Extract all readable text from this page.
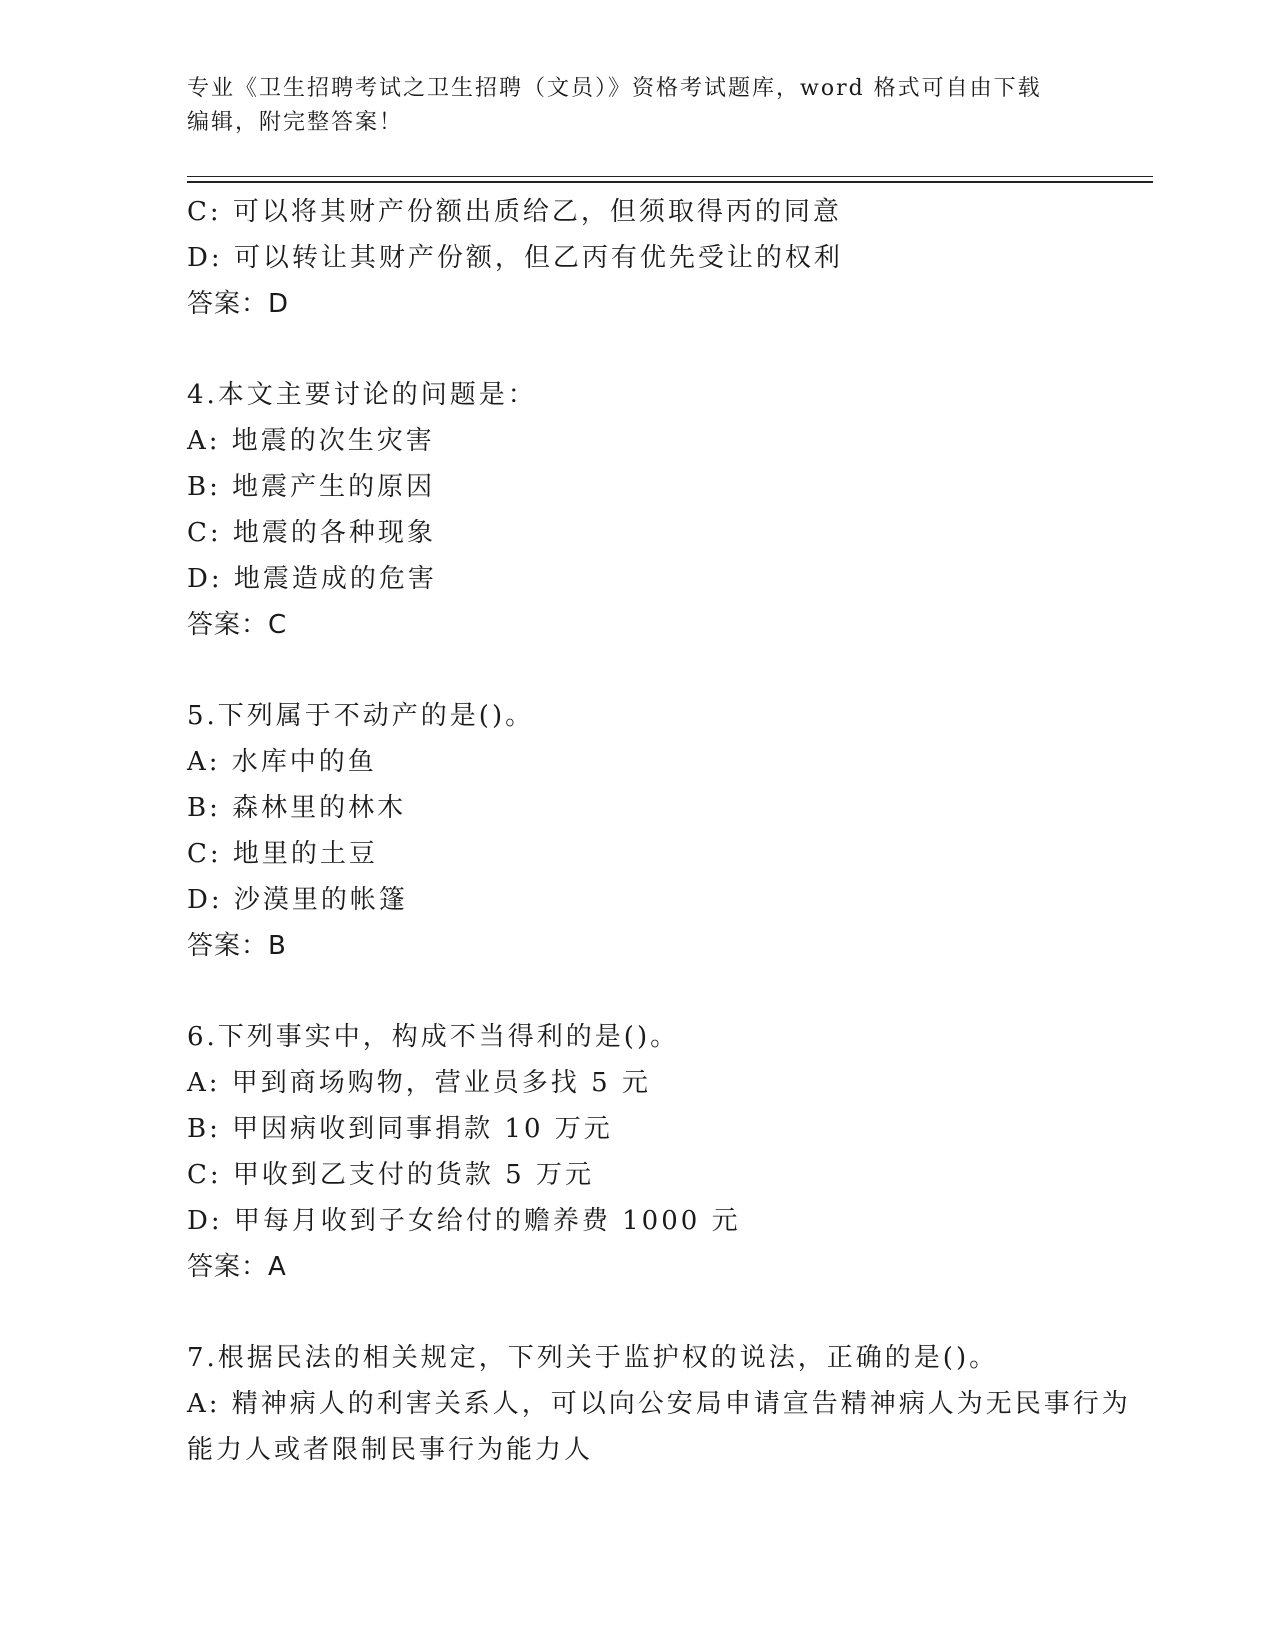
专业《卫生招聘考试之卫生招聘（文员）》资格考试题库，word 格式可自由下载
编辑，附完整答案！
C: 可以将其财产份额出质给乙，但须取得丙的同意
D: 可以转让其财产份额，但乙丙有优先受让的权利
答案：D
4.本文主要讨论的问题是：
A: 地震的次生灾害
B: 地震产生的原因
C: 地震的各种现象
D: 地震造成的危害
答案：C
5.下列属于不动产的是()。
A: 水库中的鱼
B: 森林里的林木
C: 地里的土豆
D: 沙漠里的帐篷
答案：B
6.下列事实中，构成不当得利的是()。
A: 甲到商场购物，营业员多找 5 元
B: 甲因病收到同事捐款 10 万元
C: 甲收到乙支付的货款 5 万元
D: 甲每月收到子女给付的赡养费 1000 元
答案：A
7.根据民法的相关规定，下列关于监护权的说法，正确的是()。
A: 精神病人的利害关系人，可以向公安局申请宣告精神病人为无民事行为能力人或者限制民事行为能力人
